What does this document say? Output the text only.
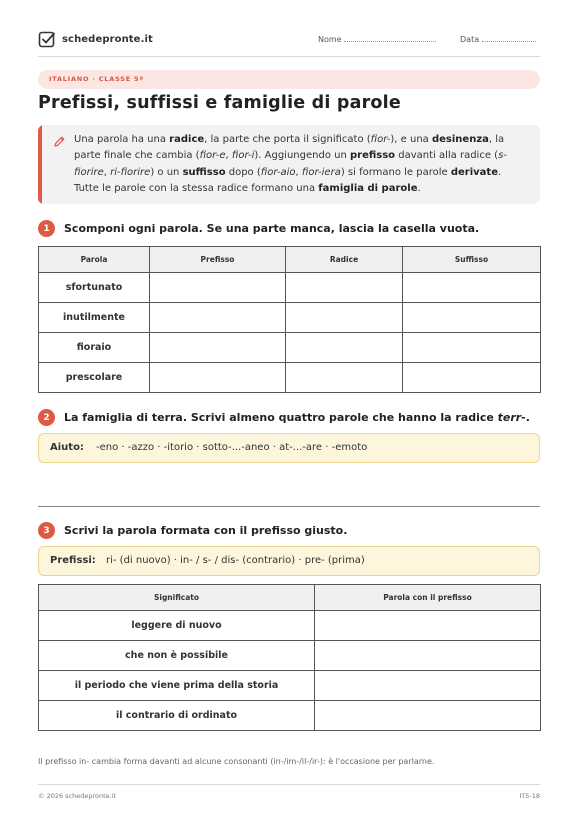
schedepronte.it	Nome	Data
ITALIANO · CLASSE 5ª
Prefissi, suffissi e famiglie di parole

Una parola ha una radice, la parte che porta il significato (fior-), e una desinenza, la parte finale che cambia (fior-e, fior-i). Aggiungendo un prefisso davanti alla radice (s-fiorire, ri-fiorire) o un suffisso dopo (fior-aio, fior-iera) si formano le parole derivate. Tutte le parole con la stessa radice formano una famiglia di parole.

1	Scomponi ogni parola. Se una parte manca, lascia la casella vuota.
Parola	Prefisso	Radice	Suffisso
sfortunato			
inutilmente			
fioraio			
prescolare			
2	La famiglia di terra. Scrivi almeno quattro parole che hanno la radice terr-.
Aiuto: -eno · -azzo · -itorio · sotto-...-aneo · at-...-are · -emoto
3	Scrivi la parola formata con il prefisso giusto.
Prefissi: ri- (di nuovo) · in- / s- / dis- (contrario) · pre- (prima)
Significato	Parola con il prefisso
leggere di nuovo	
che non è possibile	
il periodo che viene prima della storia	
il contrario di ordinato	
Il prefisso in- cambia forma davanti ad alcune consonanti (in-/im-/il-/ir-): è l'occasione per parlarne.
© 2026 schedepronte.it	IT5-18
